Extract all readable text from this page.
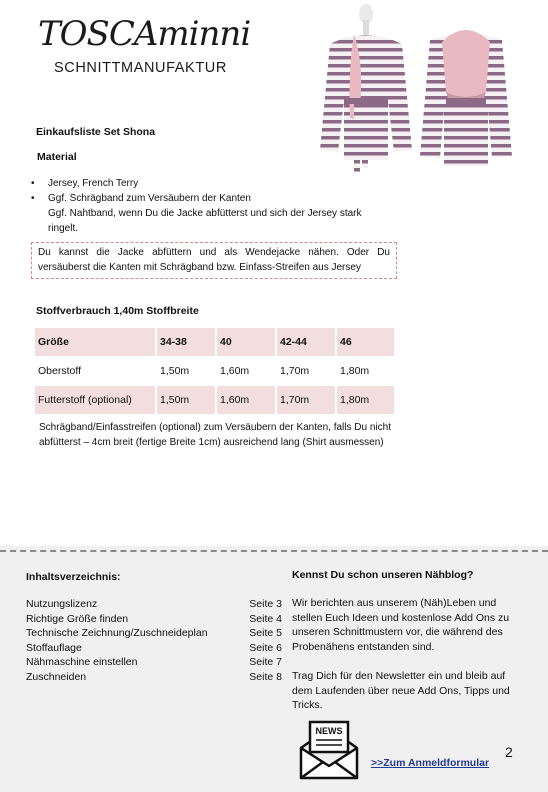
TOSCAminni
SCHNITTMANUFAKTUR
Einkaufsliste Set Shona
Material
• Jersey, French Terry
• Ggf. Schrägband zum Versäubern der Kanten
Ggf. Nahtband, wenn Du die Jacke abfütterst und sich der Jersey stark ringelt.
Du kannst die Jacke abfüttern und als Wendejacke nähen. Oder Du versäuberst die Kanten mit Schrägband bzw. Einfass-Streifen aus Jersey
Stoffverbrauch 1,40m Stoffbreite
Größe	34-38	40	42-44	46
Oberstoff	1,50m	1,60m	1,70m	1,80m
Futterstoff (optional)	1,50m	1,60m	1,70m	1,80m
Schrägband/Einfasstreifen (optional) zum Versäubern der Kanten, falls Du nicht abfütterst – 4cm breit (fertige Breite 1cm) ausreichend lang (Shirt ausmessen)
Inhaltsverzeichnis:
Nutzungslizenz	Seite 3
Richtige Größe finden	Seite 4
Technische Zeichnung/Zuschneideplan	Seite 5
Stoffauflage	Seite 6
Nähmaschine einstellen	Seite 7
Zuschneiden	Seite 8
Kennst Du schon unseren Nähblog?

Wir berichten aus unserem (Näh)Leben und stellen Euch Ideen und kostenlose Add Ons zu unseren Schnittmustern vor, die während des Probenähens entstanden sind.

Trag Dich für den Newsletter ein und bleib auf dem Laufenden über neue Add Ons, Tipps und Tricks.

NEWS
>>Zum Anmeldformular
2
